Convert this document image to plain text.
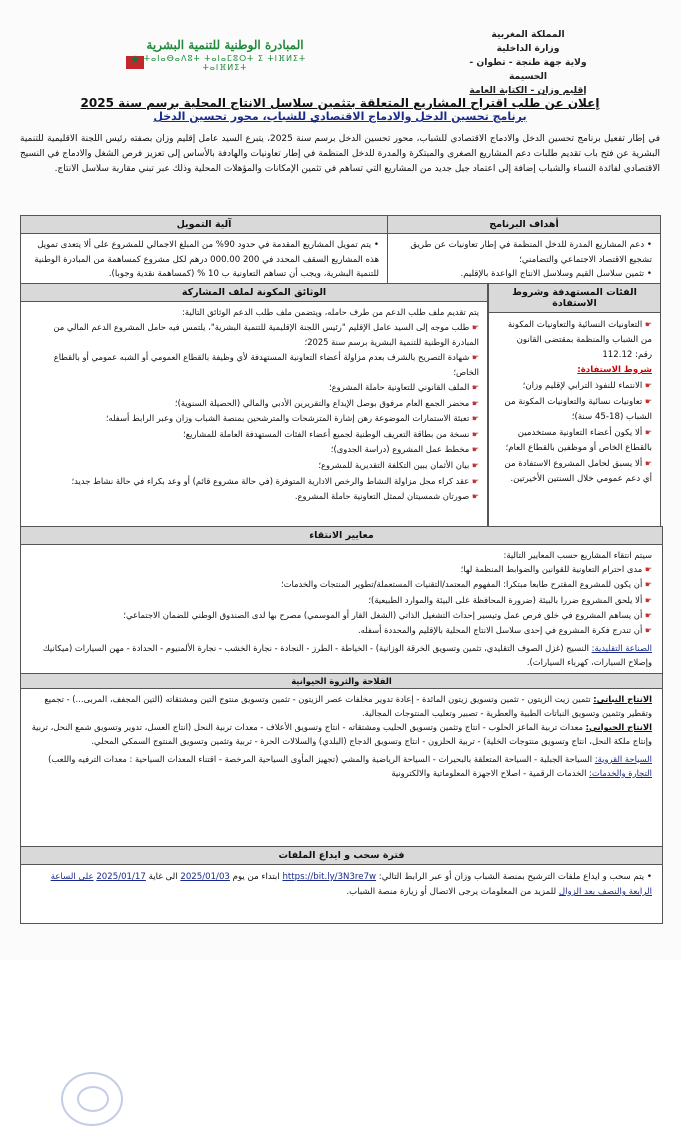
المملكة المغربية
وزارة الداخلية
ولاية جهة طنجة - تطوان - الحسيمة
إقليم وزان - الكتابة العامة
★
المبادرة الوطنية للتنمية البشرية
ⵜⴰⵏⴰⴱⴰⴷⵓⵜ ⵜⴰⵏⴰⵎⵓⵔⵜ ⵉ ⵜⵏⴼⵍⵉⵜ ⵜⴰⵏⴼⵍⵉⵜ
إعلان عن طلب اقتراح المشاريع المتعلقة بتثمين سلاسل الانتاج المحلية برسم سنة 2025
برنامج تحسين الدخل والادماج الاقتصادي للشباب، محور تحسين الدخل
في إطار تفعيل برنامج تحسين الدخل والادماج الاقتصادي للشباب، محور تحسين الدخل برسم سنة 2025، يتبرع السيد عامل إقليم وزان بصفته رئيس اللجنة الاقليمية للتنمية البشرية عن فتح باب تقديم طلبات دعم المشاريع الصغرى والمبتكرة والمدرة للدخل المنظمة في إطار تعاونيات والهادفة بالأساس إلى تعزيز فرص الشغل والادماج في النسيج الاقتصادي لفائدة النساء والشباب إضافة إلى اعتماد جيل جديد من المشاريع التي تساهم في تثمين الإمكانات والمؤهلات المحلية وذلك عبر تبني مقاربة سلاسل الانتاج.
أهداف البرنامج

• دعم المشاريع المدرة للدخل المنظمة في إطار تعاونيات عن طريق تشجيع الاقتصاد الاجتماعي والتضامني؛

• تثمين سلاسل القيم وسلاسل الانتاج الواعدة بالإقليم.

آلية التمويل

• يتم تمويل المشاريع المقدمة في حدود 90% من المبلغ الاجمالي للمشروع على ألا يتعدى تمويل هذه المشاريع السقف المحدد في 200 000.00 درهم لكل مشروع كمساهمة من المبادرة الوطنية للتنمية البشرية، ويجب أن تساهم التعاونية ب 10 % (كمساهمة نقدية وجوبا).

الفئات المستهدفة وشروط الاستفادة

☛ التعاونيات النسائية والتعاونيات المكونة من الشباب والمنظمة بمقتضى القانون رقم: 112.12

شروط الاستفادة:

☛ الانتماء للنفوذ الترابي لإقليم وزان؛

☛ تعاونيات نسائية والتعاونيات المكونة من الشباب (18-45 سنة)؛

☛ ألا يكون أعضاء التعاونية مستخدمين بالقطاع الخاص أو موظفين بالقطاع العام؛

☛ ألا يسبق لحامل المشروع الاستفادة من أي دعم عمومي خلال السنتين الأخيرتين.

الوثائق المكونة لملف المشاركة

يتم تقديم ملف طلب الدعم من طرف حامله، ويتضمن ملف طلب الدعم الوثائق التالية:

☛ طلب موجه إلى السيد عامل الإقليم "رئيس اللجنة الإقليمية للتنمية البشرية"، يلتمس فيه حامل المشروع الدعم المالي من المبادرة الوطنية للتنمية البشرية برسم سنة 2025؛

☛ شهادة التصريح بالشرف بعدم مزاولة أعضاء التعاونية المستهدفة لأي وظيفة بالقطاع العمومي أو الشبه عمومي أو بالقطاع الخاص؛

☛ الملف القانوني للتعاونية حاملة المشروع؛

☛ محضر الجمع العام مرفوق بوصل الإيداع والتقريرين الأدبي والمالي (الحصيلة السنوية)؛

☛ تعبئة الاستمارات الموضوعة رهن إشارة المترشحات والمترشحين بمنصة الشباب وزان وعبر الرابط أسفله؛

☛ نسخة من بطاقة التعريف الوطنية لجميع أعضاء الفئات المستهدفة العاملة للمشاريع؛

☛ مخطط عمل المشروع (دراسة الجدوى)؛

☛ بيان الأثمان يبين التكلفة التقديرية للمشروع؛

☛ عقد كراء محل مزاولة النشاط والرخص الادارية المتوفرة (في حالة مشروع قائم) أو وعد بكراء في حالة نشاط جديد؛

☛ صورتان شمسيتان لممثل التعاونية حاملة المشروع.

معايير الانتقاء

سيتم انتقاء المشاريع حسب المعايير التالية:

☛ مدى احترام التعاونية للقوانين والضوابط المنظمة لها؛

☛ أن يكون للمشروع المقترح طابعا مبتكرا: المفهوم المعتمد/التقنيات المستعملة/تطوير المنتجات والخدمات؛

☛ ألا يلحق المشروع ضررا بالبيئة (ضرورة المحافظة على البيئة والموارد الطبيعية)؛

☛ أن يساهم المشروع في خلق فرص عمل وتيسير إحداث التشغيل الذاتي (الشغل القار أو الموسمي) مصرح بها لدى الصندوق الوطني للضمان الاجتماعي؛

☛ أن تندرج فكرة المشروع في إحدى سلاسل الانتاج المحلية بالإقليم والمحددة أسفله.

الصناعة التقليدية: النسيج (غزل الصوف التقليدي، تثمين وتسويق الخرقة الوزانية) - الخياطة - الطرز - النجادة - نجارة الخشب - نجارة الألمنيوم - الحدادة - مهن السيارات (ميكانيك وإصلاح السيارات، كهرباء السيارات).

الفلاحة والثروة الحيوانية

الانتاج النباتي: تثمين زيت الزيتون - تثمين وتسويق زيتون المائدة - إعادة تدوير مخلفات عصر الزيتون - تثمين وتسويق منتوج التين ومشتقاته (التين المجفف، المربى...) - تجميع وتقطير وتثمين وتسويق النباتات الطبية والعطرية - تصبير وتعليب المنتوجات المجالية.

الانتاج الحيواني: معدات تربية الماعز الحلوب - انتاج وتثمين وتسويق الحليب ومشتقاته - انتاج وتسويق الأعلاف - معدات تربية النحل (انتاج العسل، تدوير وتسويق شمع النحل، تربية وإنتاج ملكة النحل، انتاج وتسويق منتوجات الخلية) - تربية الحلزون - انتاج وتسويق الدجاج (البلدي) والسلالات الحرة - تربية وتثمين وتسويق المنتوج السمكي المحلي.

السياحة القروية: السياحة الجبلية - السياحة المتعلقة بالبحيرات - السياحة الرياضية والمشي (تجهيز المأوى السياحية المرخصة - اقتناء المعدات السياحية : معدات الترفيه واللعب)

التجارة والخدمات: الخدمات الرقمية - اصلاح الاجهزة المعلوماتية والالكترونية

فترة سحب و ايداع الملفات
• يتم سحب و ايداع ملفات الترشيح بمنصة الشباب وزان أو عبر الرابط التالي: https://bit.ly/3N3re7w ابتداء من يوم 2025/01/03 الى غاية 2025/01/17 على الساعة الرابعة والنصف بعد الزوال للمزيد من المعلومات يرجى الاتصال أو زيارة منصة الشباب.
